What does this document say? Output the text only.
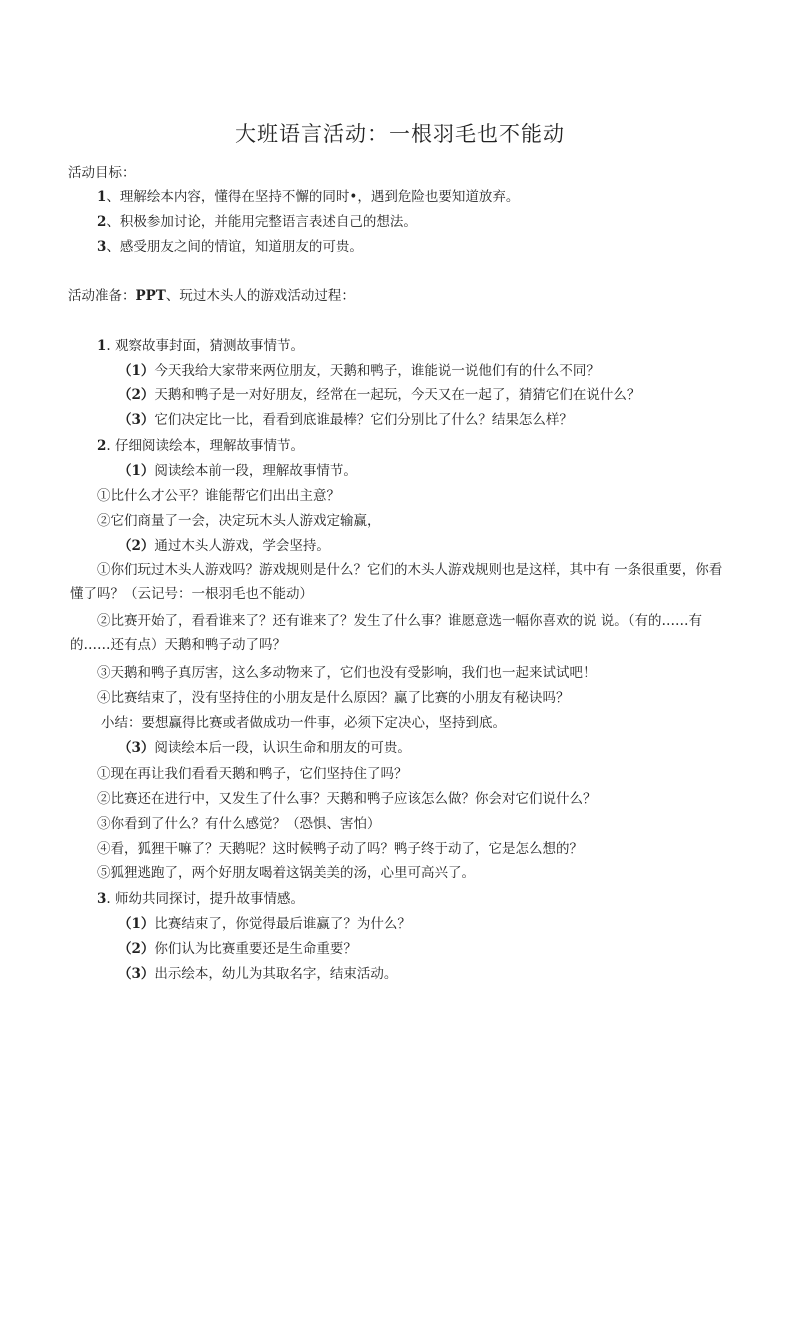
大班语言活动：一根羽毛也不能动
活动目标：
1、理解绘本内容，懂得在坚持不懈的同时•，遇到危险也要知道放弃。
2、积极参加讨论，并能用完整语言表述自己的想法。
3、感受朋友之间的情谊，知道朋友的可贵。
活动准备：PPT、玩过木头人的游戏活动过程：
1. 观察故事封面，猜测故事情节。
（1）今天我给大家带来两位朋友，天鹅和鸭子，谁能说一说他们有的什么不同？
（2）天鹅和鸭子是一对好朋友，经常在一起玩，今天又在一起了，猜猜它们在说什么？
（3）它们决定比一比，看看到底谁最棒？它们分别比了什么？结果怎么样？
2. 仔细阅读绘本，理解故事情节。
（1）阅读绘本前一段，理解故事情节。
①比什么才公平？谁能帮它们出出主意？
②它们商量了一会，决定玩木头人游戏定输赢，
（2）通过木头人游戏，学会坚持。
①你们玩过木头人游戏吗？游戏规则是什么？它们的木头人游戏规则也是这样，其中有 一条很重要，你看懂了吗？（云记号：一根羽毛也不能动）
②比赛开始了，看看谁来了？还有谁来了？发生了什么事？谁愿意选一幅你喜欢的说 说。（有的……有的……还有点）天鹅和鸭子动了吗？
③天鹅和鸭子真厉害，这么多动物来了，它们也没有受影响，我们也一起来试试吧！
④比赛结束了，没有坚持住的小朋友是什么原因？赢了比赛的小朋友有秘诀吗？
小结：要想赢得比赛或者做成功一件事，必须下定决心，坚持到底。
（3）阅读绘本后一段，认识生命和朋友的可贵。
①现在再让我们看看天鹅和鸭子，它们坚持住了吗？
②比赛还在进行中，又发生了什么事？天鹅和鸭子应该怎么做？你会对它们说什么？
③你看到了什么？有什么感觉？（恐惧、害怕）
④看，狐狸干嘛了？天鹅呢？这时候鸭子动了吗？鸭子终于动了，它是怎么想的？
⑤狐狸逃跑了，两个好朋友喝着这锅美美的汤，心里可高兴了。
3. 师幼共同探讨，提升故事情感。
（1）比赛结束了，你觉得最后谁赢了？为什么？
（2）你们认为比赛重要还是生命重要？
（3）出示绘本，幼儿为其取名字，结束活动。
